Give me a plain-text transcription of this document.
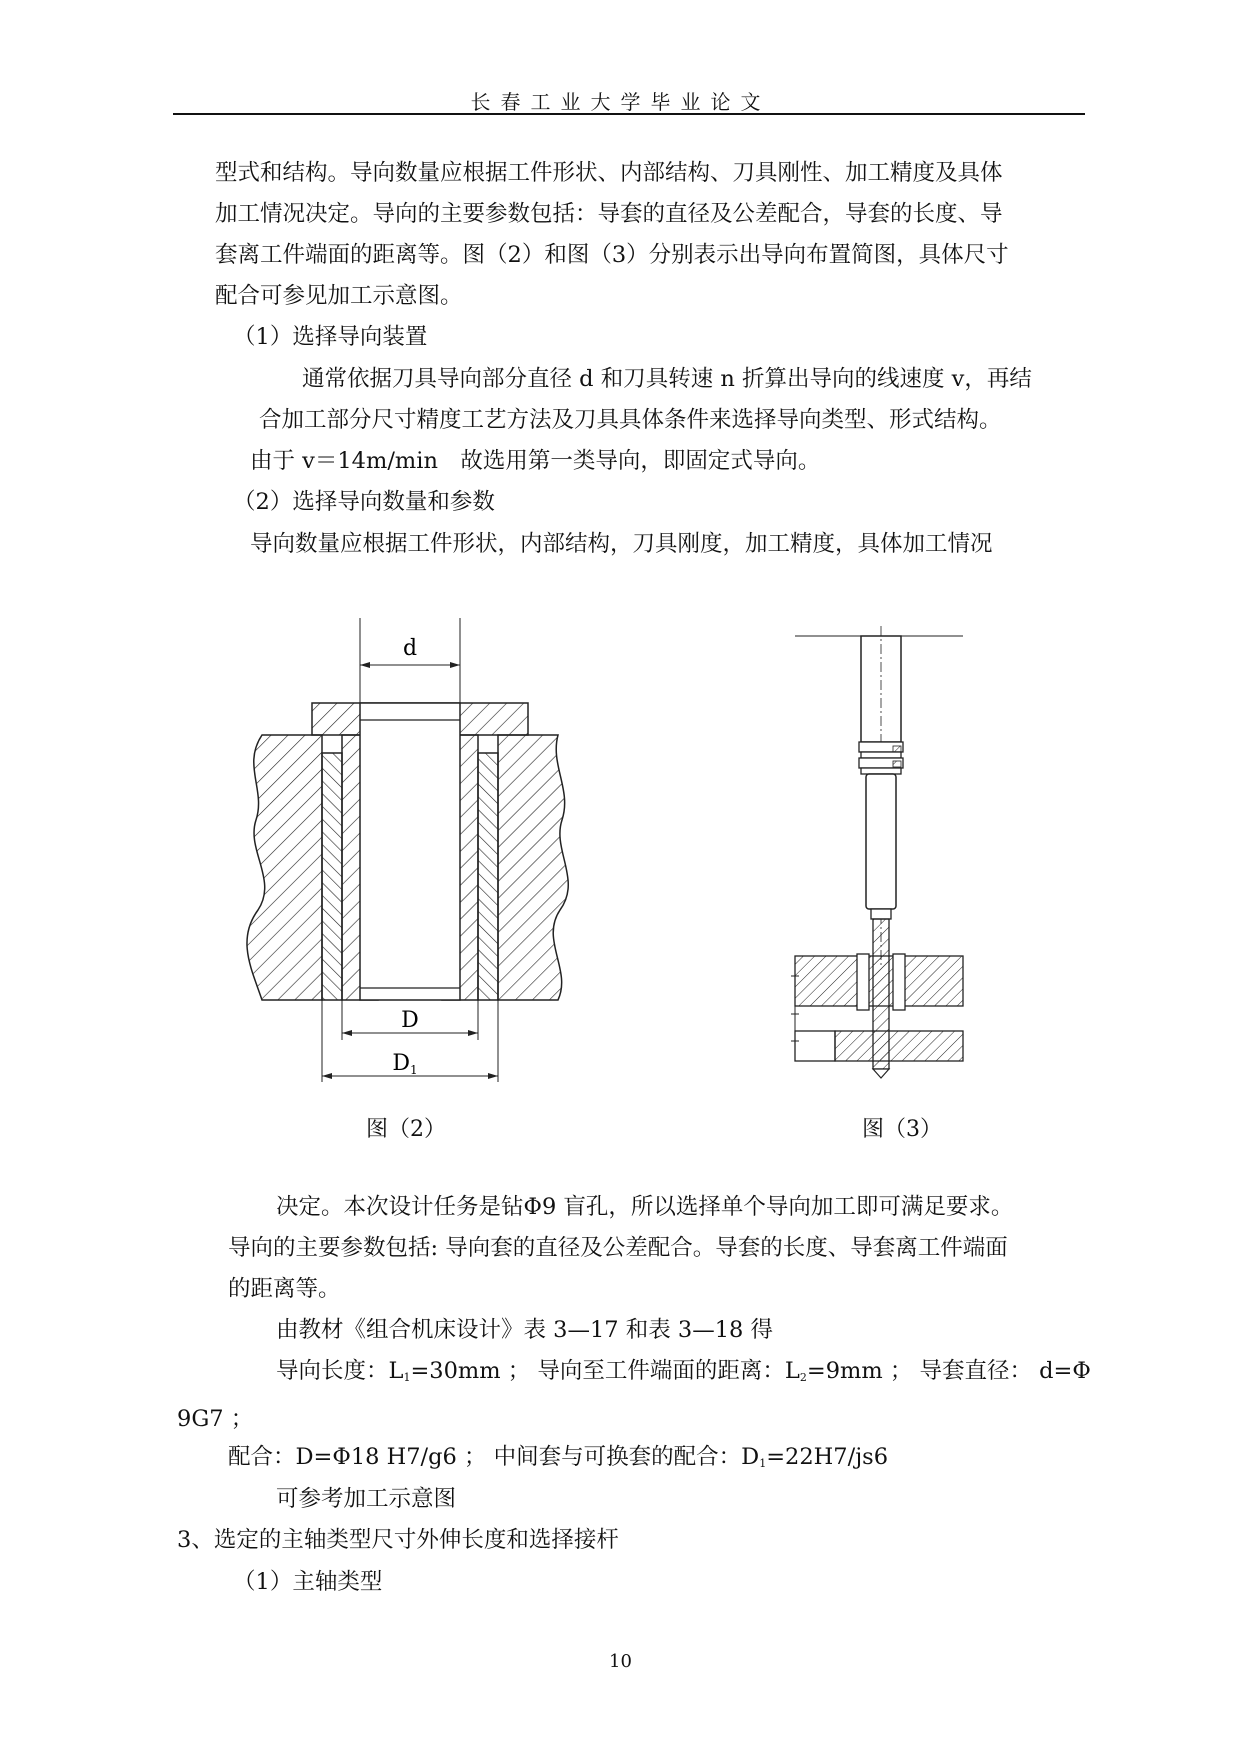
长春工业大学毕业论文
型式和结构。导向数量应根据工件形状、内部结构、刀具刚性、加工精度及具体
加工情况决定。导向的主要参数包括：导套的直径及公差配合，导套的长度、导
套离工件端面的距离等。图（2）和图（3）分别表示出导向布置简图，具体尺寸
配合可参见加工示意图。
（1）选择导向装置
通常依据刀具导向部分直径 d 和刀具转速 n 折算出导向的线速度 v，再结
合加工部分尺寸精度工艺方法及刀具具体条件来选择导向类型、形式结构。
由于 v＝14m/min　故选用第一类导向，即固定式导向。
（2）选择导向数量和参数
导向数量应根据工件形状，内部结构，刀具刚度，加工精度，具体加工情况
d
D
D1
图（2）	图（3）
决定。本次设计任务是钻Φ9 盲孔，所以选择单个导向加工即可满足要求。
导向的主要参数包括: 导向套的直径及公差配合。导套的长度、导套离工件端面
的距离等。
由教材《组合机床设计》表 3—17 和表 3—18 得
导向长度：$L_1=30mm$ ； 导向至工件端面的距离：$L_2=9mm$ ； 导套直径： d=Φ
9G7 ；
配合：D=Φ18 H7/g6 ； 中间套与可换套的配合：$D_1=22H7/js6$
可参考加工示意图
3、选定的主轴类型尺寸外伸长度和选择接杆
（1）主轴类型
10
